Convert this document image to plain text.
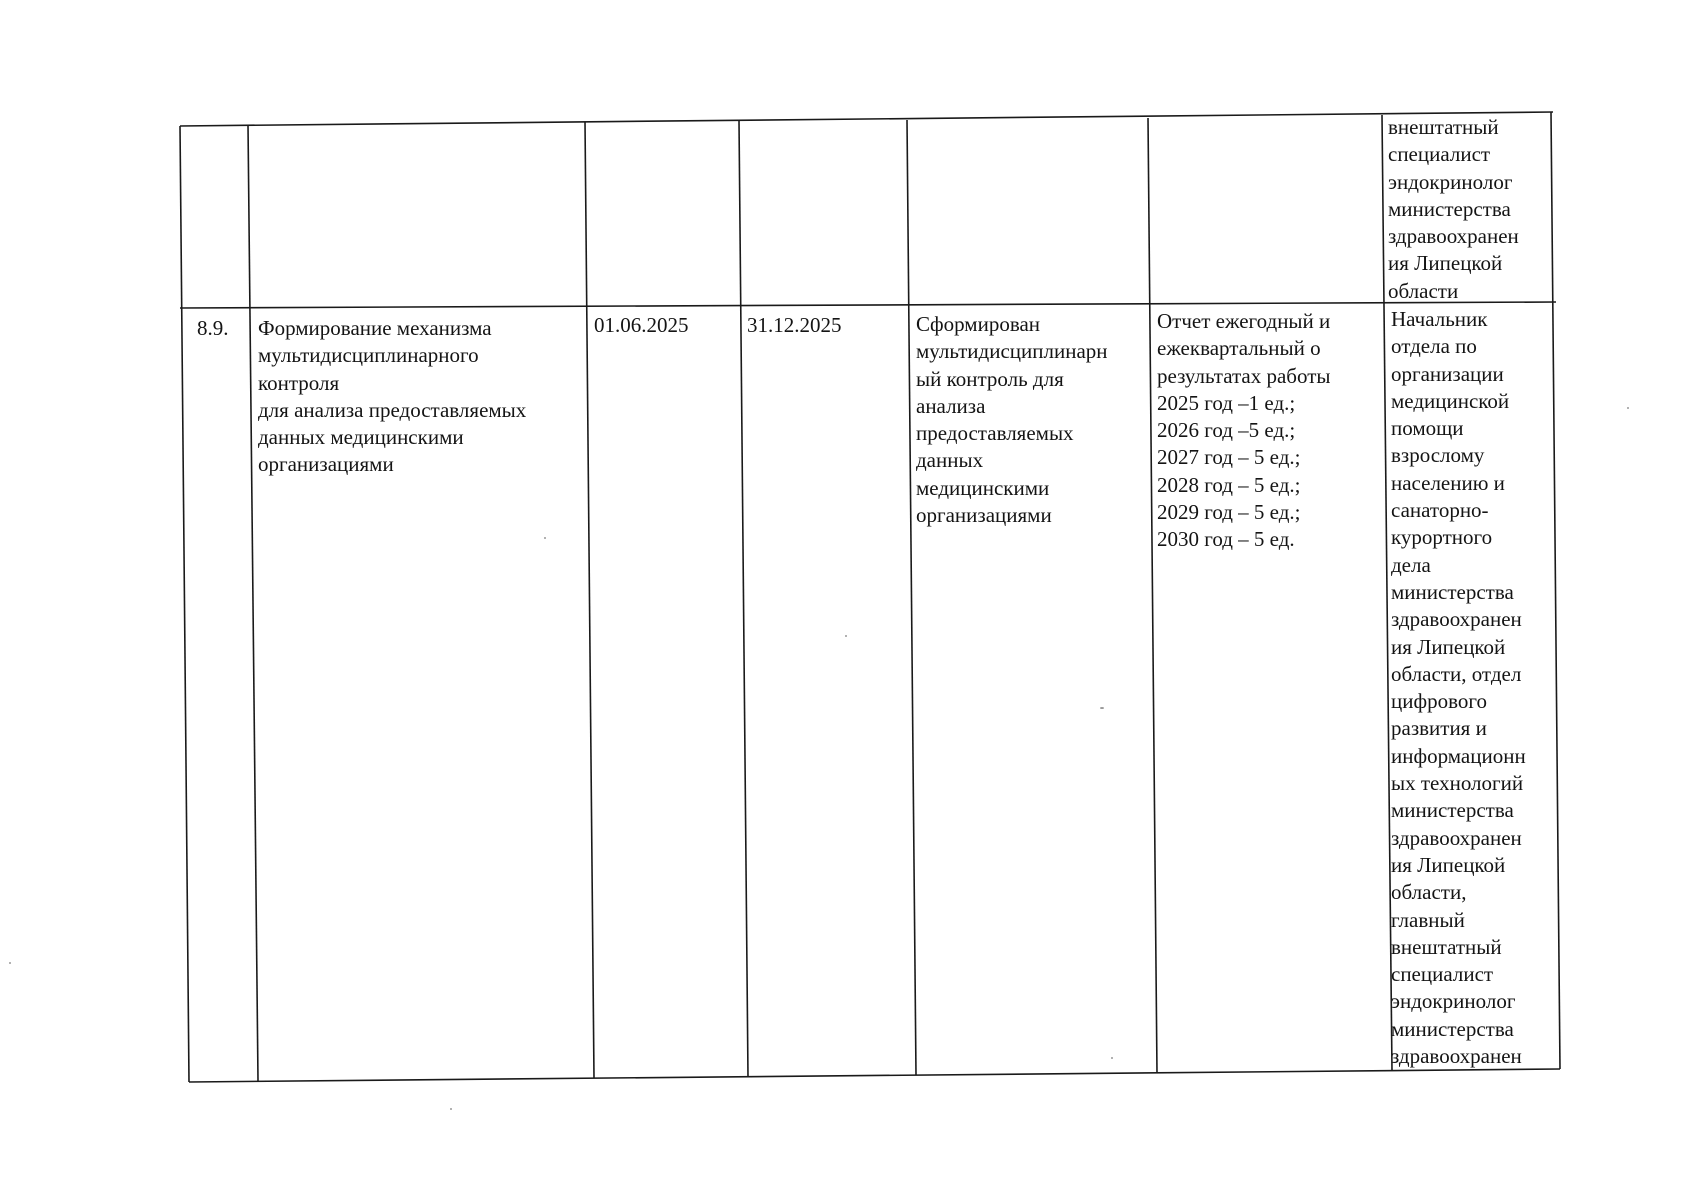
внештатный
специалист
эндокринолог
министерства
здравоохранен
ия Липецкой
области
8.9. Формирование механизма
мультидисциплинарного
контроля
для анализа предоставляемых
данных медицинскими
организациями
01.06.2025	31.12.2025	Сформирован
мультидисциплинарн
ый контроль для
анализа
предоставляемых
данных
медицинскими
организациями
Отчет ежегодный и
ежеквартальный о
результатах работы
2025 год –1 ед.;
2026 год –5 ед.;
2027 год – 5 ед.;
2028 год – 5 ед.;
2029 год – 5 ед.;
2030 год – 5 ед.
Начальник
отдела по
организации
медицинской
помощи
взрослому
населению и
санаторно-
курортного
дела
министерства
здравоохранен
ия Липецкой
области, отдел
цифрового
развития и
информационн
ых технологий
министерства
здравоохранен
ия Липецкой
области,
главный
внештатный
специалист
эндокринолог
министерства
здравоохранен
